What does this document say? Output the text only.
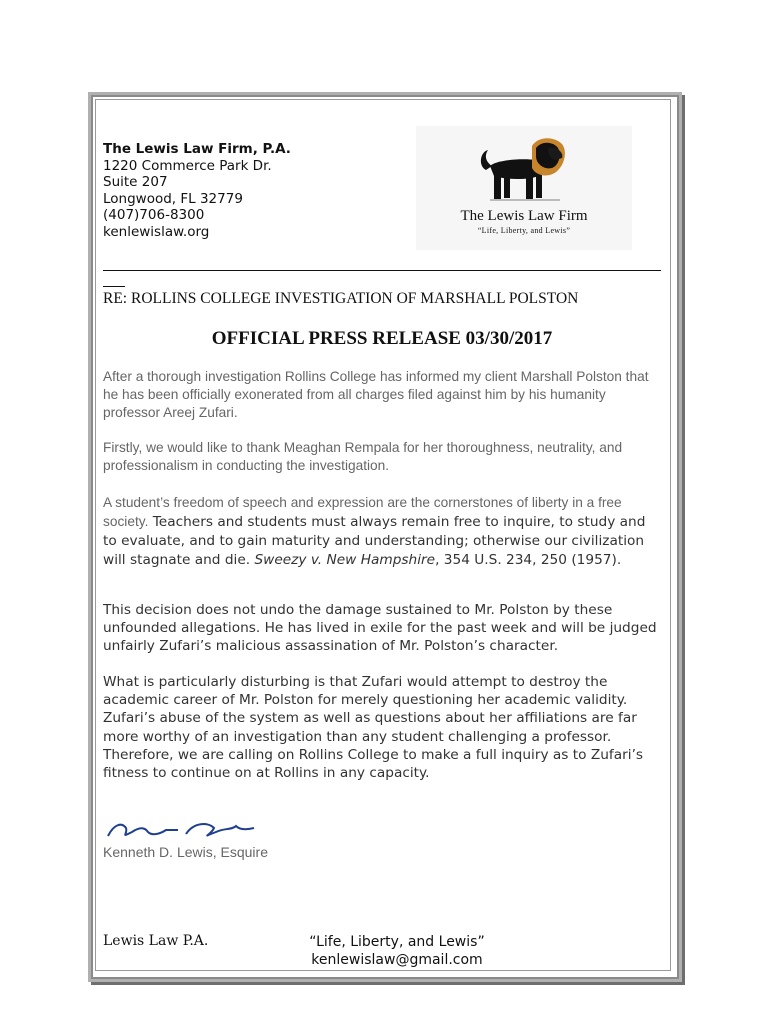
The Lewis Law Firm, P.A.
1220 Commerce Park Dr.
Suite 207
Longwood, FL 32779
(407)706-8300
kenlewislaw.org
The Lewis Law Firm
“Life, Liberty, and Lewis”
RE: ROLLINS COLLEGE INVESTIGATION OF MARSHALL POLSTON
OFFICIAL PRESS RELEASE 03/30/2017
After a thorough investigation Rollins College has informed my client Marshall Polston that he has been officially exonerated from all charges filed against him by his humanity professor Areej Zufari.
Firstly, we would like to thank Meaghan Rempala for her thoroughness, neutrality, and professionalism in conducting the investigation.
A student’s freedom of speech and expression are the cornerstones of liberty in a free society. Teachers and students must always remain free to inquire, to study and to evaluate, and to gain maturity and understanding; otherwise our civilization will stagnate and die. Sweezy v. New Hampshire, 354 U.S. 234, 250 (1957).
This decision does not undo the damage sustained to Mr. Polston by these unfounded allegations. He has lived in exile for the past week and will be judged unfairly Zufari’s malicious assassination of Mr. Polston’s character.
What is particularly disturbing is that Zufari would attempt to destroy the academic career of Mr. Polston for merely questioning her academic validity. Zufari’s abuse of the system as well as questions about her affiliations are far more worthy of an investigation than any student challenging a professor. Therefore, we are calling on Rollins College to make a full inquiry as to Zufari’s fitness to continue on at Rollins in any capacity.
Kenneth D. Lewis, Esquire
Lewis Law P.A.	“Life, Liberty, and Lewis”
kenlewislaw@gmail.com
